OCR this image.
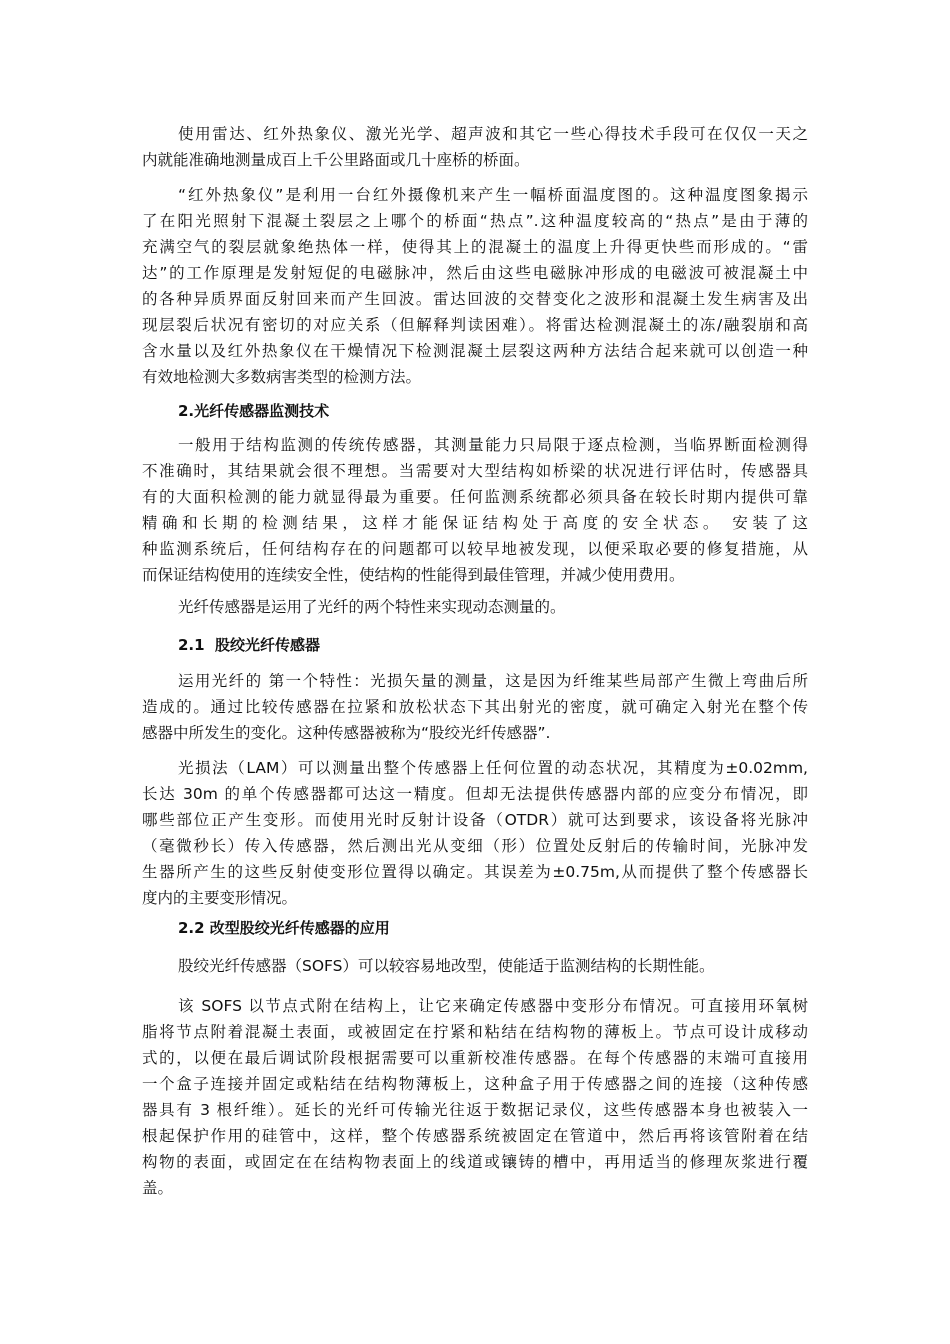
使用雷达、红外热象仪、激光光学、超声波和其它一些心得技术手段可在仅仅一天之
内就能准确地测量成百上千公里路面或几十座桥的桥面。
“红外热象仪”是利用一台红外摄像机来产生一幅桥面温度图的。这种温度图象揭示
了在阳光照射下混凝土裂层之上哪个的桥面“热点”.这种温度较高的“热点”是由于薄的
充满空气的裂层就象绝热体一样，使得其上的混凝土的温度上升得更快些而形成的。“雷
达”的工作原理是发射短促的电磁脉冲，然后由这些电磁脉冲形成的电磁波可被混凝土中
的各种异质界面反射回来而产生回波。雷达回波的交替变化之波形和混凝土发生病害及出
现层裂后状况有密切的对应关系（但解释判读困难）。将雷达检测混凝土的冻/融裂崩和高
含水量以及红外热象仪在干燥情况下检测混凝土层裂这两种方法结合起来就可以创造一种
有效地检测大多数病害类型的检测方法。
2.光纤传感器监测技术
一般用于结构监测的传统传感器，其测量能力只局限于逐点检测，当临界断面检测得
不准确时，其结果就会很不理想。当需要对大型结构如桥梁的状况进行评估时，传感器具
有的大面积检测的能力就显得最为重要。任何监测系统都必须具备在较长时期内提供可靠
精确和长期的检测结果，这样才能保证结构处于高度的安全状态。 安装了这
种监测系统后，任何结构存在的问题都可以较早地被发现，以便采取必要的修复措施，从
而保证结构使用的连续安全性，使结构的性能得到最佳管理，并减少使用费用。
光纤传感器是运用了光纤的两个特性来实现动态测量的。
2.1  股绞光纤传感器
运用光纤的 第一个特性：光损矢量的测量，这是因为纤维某些局部产生微上弯曲后所
造成的。通过比较传感器在拉紧和放松状态下其出射光的密度，就可确定入射光在整个传
感器中所发生的变化。这种传感器被称为“股绞光纤传感器”.
光损法（LAM）可以测量出整个传感器上任何位置的动态状况，其精度为±0.02mm,
长达 30m 的单个传感器都可达这一精度。但却无法提供传感器内部的应变分布情况，即
哪些部位正产生变形。而使用光时反射计设备（OTDR）就可达到要求，该设备将光脉冲
（毫微秒长）传入传感器，然后测出光从变细（形）位置处反射后的传输时间，光脉冲发
生器所产生的这些反射使变形位置得以确定。其误差为±0.75m,从而提供了整个传感器长
度内的主要变形情况。
2.2 改型股绞光纤传感器的应用
股绞光纤传感器（SOFS）可以较容易地改型，使能适于监测结构的长期性能。
该 SOFS 以节点式附在结构上，让它来确定传感器中变形分布情况。可直接用环氧树
脂将节点附着混凝土表面，或被固定在拧紧和粘结在结构物的薄板上。节点可设计成移动
式的，以便在最后调试阶段根据需要可以重新校准传感器。在每个传感器的末端可直接用
一个盒子连接并固定或粘结在结构物薄板上，这种盒子用于传感器之间的连接（这种传感
器具有 3 根纤维）。延长的光纤可传输光往返于数据记录仪，这些传感器本身也被装入一
根起保护作用的硅管中，这样，整个传感器系统被固定在管道中，然后再将该管附着在结
构物的表面，或固定在在结构物表面上的线道或镶铸的槽中，再用适当的修理灰浆进行覆
盖。
